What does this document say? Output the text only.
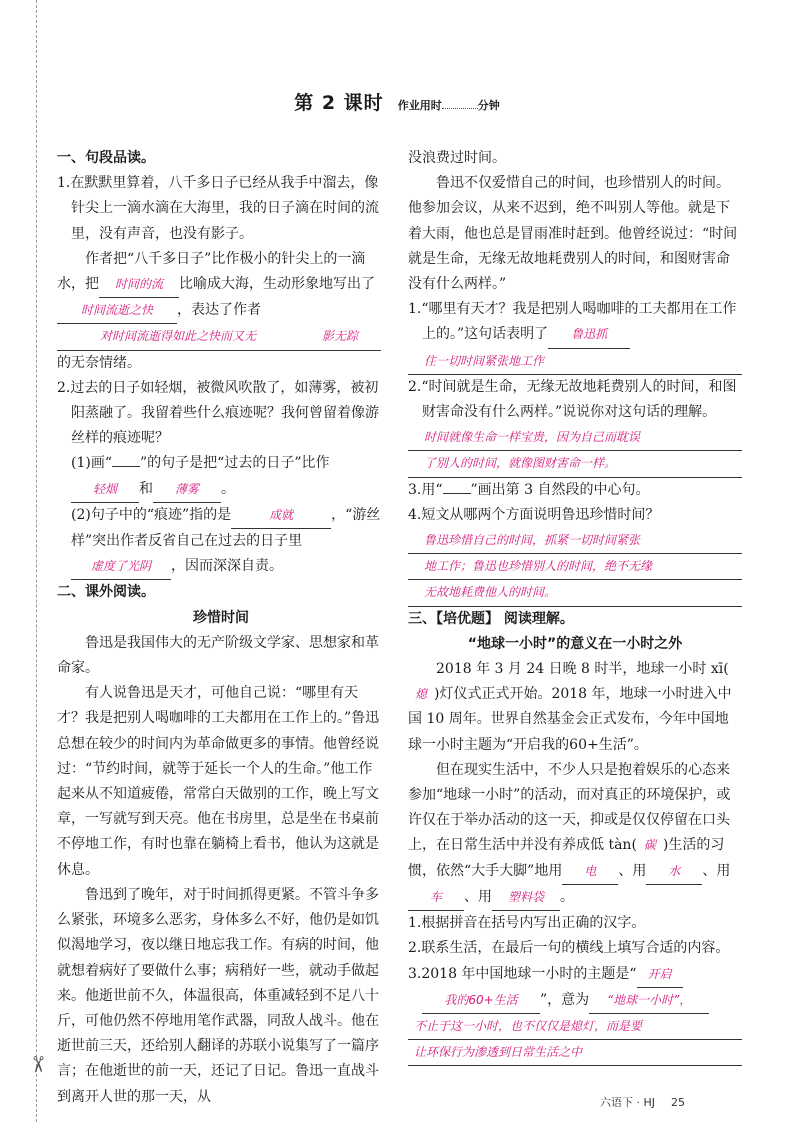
✂
第 2 课时 作业用时	分钟
一、句段品读。
1.在默默里算着，八千多日子已经从我手中溜去，像针尖上一滴水滴在大海里，我的日子滴在时间的流里，没有声音，也没有影子。
作者把“八千多日子”比作极小的针尖上的一滴水，把 时间的流 比喻成大海，生动形象地写出了时间流逝之快 ，表达了作者对时间流逝得如此之快而又无	影无踪的无奈情绪。
2.过去的日子如轻烟，被微风吹散了，如薄雾，被初阳蒸融了。我留着些什么痕迹呢？我何曾留着像游丝样的痕迹呢？
(1)画“ ”的句子是把“过去的日子”比作轻烟 和 薄雾 。
(2)句子中的“痕迹”指的是	成就	，“游丝样”突出作者反省自己在过去的日子里虚度了光阴 ，因而深深自责。
二、课外阅读。
珍惜时间
鲁迅是我国伟大的无产阶级文学家、思想家和革命家。
有人说鲁迅是天才，可他自己说：“哪里有天才？我是把别人喝咖啡的工夫都用在工作上的。”鲁迅总想在较少的时间内为革命做更多的事情。他曾经说过：“节约时间，就等于延长一个人的生命。”他工作起来从不知道疲倦，常常白天做别的工作，晚上写文章，一写就写到天亮。他在书房里，总是坐在书桌前不停地工作，有时也靠在躺椅上看书，他认为这就是休息。
鲁迅到了晚年，对于时间抓得更紧。不管斗争多么紧张，环境多么恶劣，身体多么不好，他仍是如饥似渴地学习，夜以继日地忘我工作。有病的时间，他就想着病好了要做什么事；病稍好一些，就动手做起来。他逝世前不久，体温很高，体重减轻到不足八十斤，可他仍然不停地用笔作武器，同敌人战斗。他在逝世前三天，还给别人翻译的苏联小说集写了一篇序言；在他逝世的前一天，还记了日记。鲁迅一直战斗到离开人世的那一天，从
没浪费过时间。
鲁迅不仅爱惜自己的时间，也珍惜别人的时间。他参加会议，从来不迟到，绝不叫别人等他。就是下着大雨，他也总是冒雨准时赶到。他曾经说过：“时间就是生命，无缘无故地耗费别人的时间，和图财害命没有什么两样。”
1.“哪里有天才？我是把别人喝咖啡的工夫都用在工作上的。”这句话表明了 鲁迅抓
住一切时间紧张地工作
2.“时间就是生命，无缘无故地耗费别人的时间，和图财害命没有什么两样。”说说你对这句话的理解。
时间就像生命一样宝贵，因为自己而耽误
了别人的时间，就像图财害命一样。
3.用“ ”画出第 3 自然段的中心句。
4.短文从哪两个方面说明鲁迅珍惜时间？
鲁迅珍惜自己的时间，抓紧一切时间紧张
地工作；鲁迅也珍惜别人的时间，绝不无缘
无故地耗费他人的时间。
三、【培优题】 阅读理解。
“地球一小时”的意义在一小时之外
2018 年 3 月 24 日晚 8 时半，地球一小时 xī(熄 )灯仪式正式开始。2018 年，地球一小时进入中国 10 周年。世界自然基金会正式发布，今年中国地球一小时主题为“开启我的60+生活”。
但在现实生活中，不少人只是抱着娱乐的心态来参加“地球一小时”的活动，而对真正的环境保护，或许仅在于举办活动的这一天，抑或是仅仅停留在口头上，在日常生活中并没有养成低 tàn( 碳 )生活的习惯，依然“大手大脚”地用 电 、用 水 、用车 、用 塑料袋 。
1.根据拼音在括号内写出正确的汉字。
2.联系生活，在最后一句的横线上填写合适的内容。
3.2018 年中国地球一小时的主题是“ 开启我的60+生活 ”，意为 “地球一小时”，
不止于这一小时，也不仅仅是熄灯，而是要
让环保行为渗透到日常生活之中
六语下 · HJ 25
